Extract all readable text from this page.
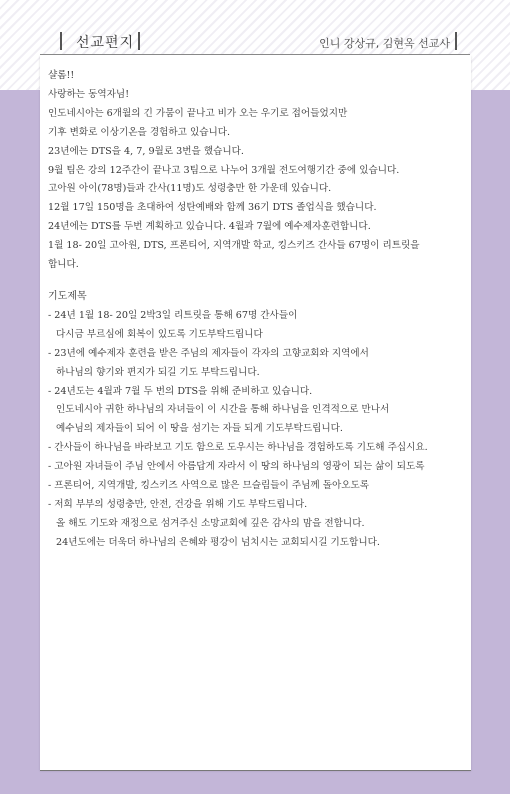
선교편지	인니 강상규, 김현옥 선교사

샬롬!!

사랑하는 동역자님!

인도네시아는 6개월의 긴 가뭄이 끝나고 비가 오는 우기로 접어들었지만

기후 변화로 이상기온을 경험하고 있습니다.

23년에는 DTS을 4, 7, 9월로 3번을 했습니다.

9월 팀은 강의 12주간이 끝나고 3팀으로 나누어 3개월 전도여행기간 중에 있습니다.

고아원 아이(78명)들과 간사(11명)도 성령충만 한 가운데 있습니다.

12월 17일 150명을 초대하여 성탄예배와 함께 36기 DTS 졸업식을 했습니다.

24년에는 DTS를 두번 계획하고 있습니다. 4월과 7월에 예수제자훈련합니다.

1월 18- 20일 고아원, DTS, 프론티어, 지역개발 학교, 킹스키즈 간사들 67명이 리트릿을

합니다.

기도제목

- 24년 1월 18- 20일 2박3일 리트릿을 통해 67명 간사들이

다시금 부르심에 회복이 있도록 기도부탁드립니다

- 23년에 예수제자 훈련을 받은 주님의 제자들이 각자의 고향교회와 지역에서

하나님의 향기와 편지가 되길 기도 부탁드립니다.

- 24년도는 4월과 7월 두 번의 DTS을 위해 준비하고 있습니다.

인도네시아 귀한 하나님의 자녀들이 이 시간을 통해 하나님을 인격적으로 만나서

예수님의 제자들이 되어 이 땅을 섬기는 자들 되게 기도부탁드립니다.

- 간사들이 하나님을 바라보고 기도 함으로 도우시는 하나님을 경험하도록 기도해 주십시요.

- 고아원 자녀들이 주님 안에서 아름답게 자라서 이 땅의 하나님의 영광이 되는 삶이 되도록

- 프론티어, 지역개발, 킹스키즈 사역으로 많은 므슬림들이 주님께 돌아오도록

- 저희 부부의 성령충만, 안전, 건강을 위해 기도 부탁드립니다.

올 해도 기도와 재정으로 섬겨주신 소망교회에 깊은 감사의 맘을 전합니다.

24년도에는 더욱더 하나님의 은혜와 평강이 넘치시는 교회되시길 기도합니다.
